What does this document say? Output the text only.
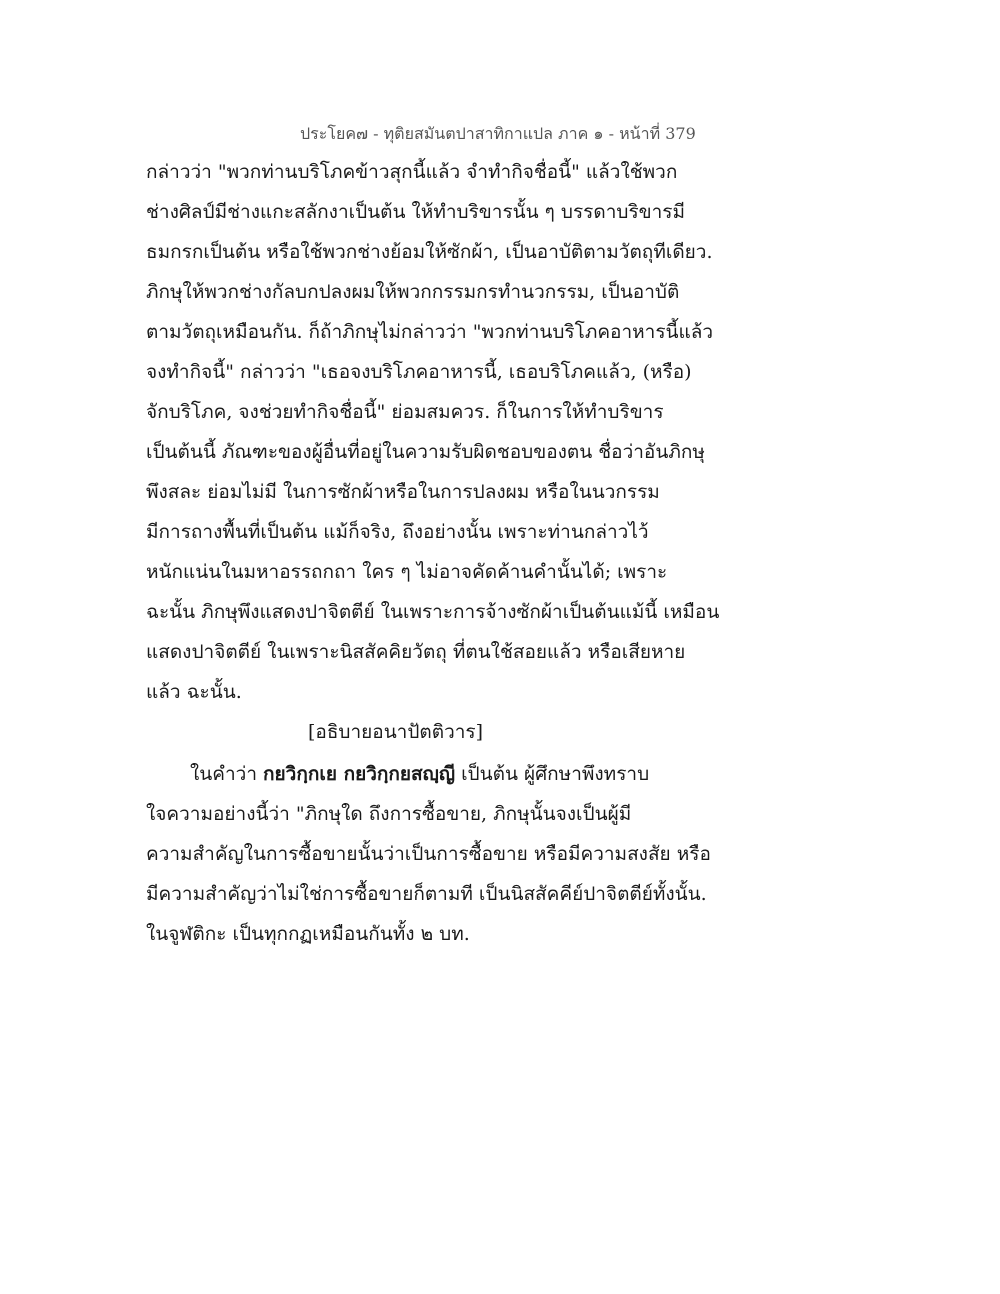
ประโยค๗ - ทุติยสมันตปาสาทิกาแปล ภาค ๑ - หน้าที่ 379
กล่าวว่า "พวกท่านบริโภคข้าวสุกนี้แล้ว จำทำกิจชื่อนี้" แล้วใช้พวก
ช่างศิลป์มีช่างแกะสลักงาเป็นต้น ให้ทำบริขารนั้น ๆ บรรดาบริขารมี
ธมกรกเป็นต้น หรือใช้พวกช่างย้อมให้ซักผ้า, เป็นอาบัติตามวัตถุทีเดียว.
ภิกษุให้พวกช่างกัลบกปลงผมให้พวกกรรมกรทำนวกรรม, เป็นอาบัติ
ตามวัตถุเหมือนกัน. ก็ถ้าภิกษุไม่กล่าวว่า "พวกท่านบริโภคอาหารนี้แล้ว
จงทำกิจนี้" กล่าวว่า "เธอจงบริโภคอาหารนี้, เธอบริโภคแล้ว, (หรือ)
จักบริโภค, จงช่วยทำกิจชื่อนี้" ย่อมสมควร. ก็ในการให้ทำบริขาร
เป็นต้นนี้ ภัณฑะของผู้อื่นที่อยู่ในความรับผิดชอบของตน ชื่อว่าอันภิกษุ
พึงสละ ย่อมไม่มี ในการซักผ้าหรือในการปลงผม หรือในนวกรรม
มีการถางพื้นที่เป็นต้น แม้ก็จริง, ถึงอย่างนั้น เพราะท่านกล่าวไว้
หนักแน่นในมหาอรรถกถา ใคร ๆ ไม่อาจคัดค้านคำนั้นได้; เพราะ
ฉะนั้น ภิกษุพึงแสดงปาจิตตีย์ ในเพราะการจ้างซักผ้าเป็นต้นแม้นี้ เหมือน
แสดงปาจิตตีย์ ในเพราะนิสสัคคิยวัตถุ ที่ตนใช้สอยแล้ว หรือเสียหาย
แล้ว ฉะนั้น.
[อธิบายอนาปัตติวาร]
ในคำว่า กยวิกฺกเย กยวิกฺกยสญฺญี เป็นต้น ผู้ศึกษาพึงทราบ
ใจความอย่างนี้ว่า "ภิกษุใด ถึงการซื้อขาย, ภิกษุนั้นจงเป็นผู้มี
ความสำคัญในการซื้อขายนั้นว่าเป็นการซื้อขาย หรือมีความสงสัย หรือ
มีความสำคัญว่าไม่ใช่การซื้อขายก็ตามที เป็นนิสสัคคีย์ปาจิตตีย์ทั้งนั้น.
ในจูฬติกะ เป็นทุกกฏเหมือนกันทั้ง ๒ บท.
